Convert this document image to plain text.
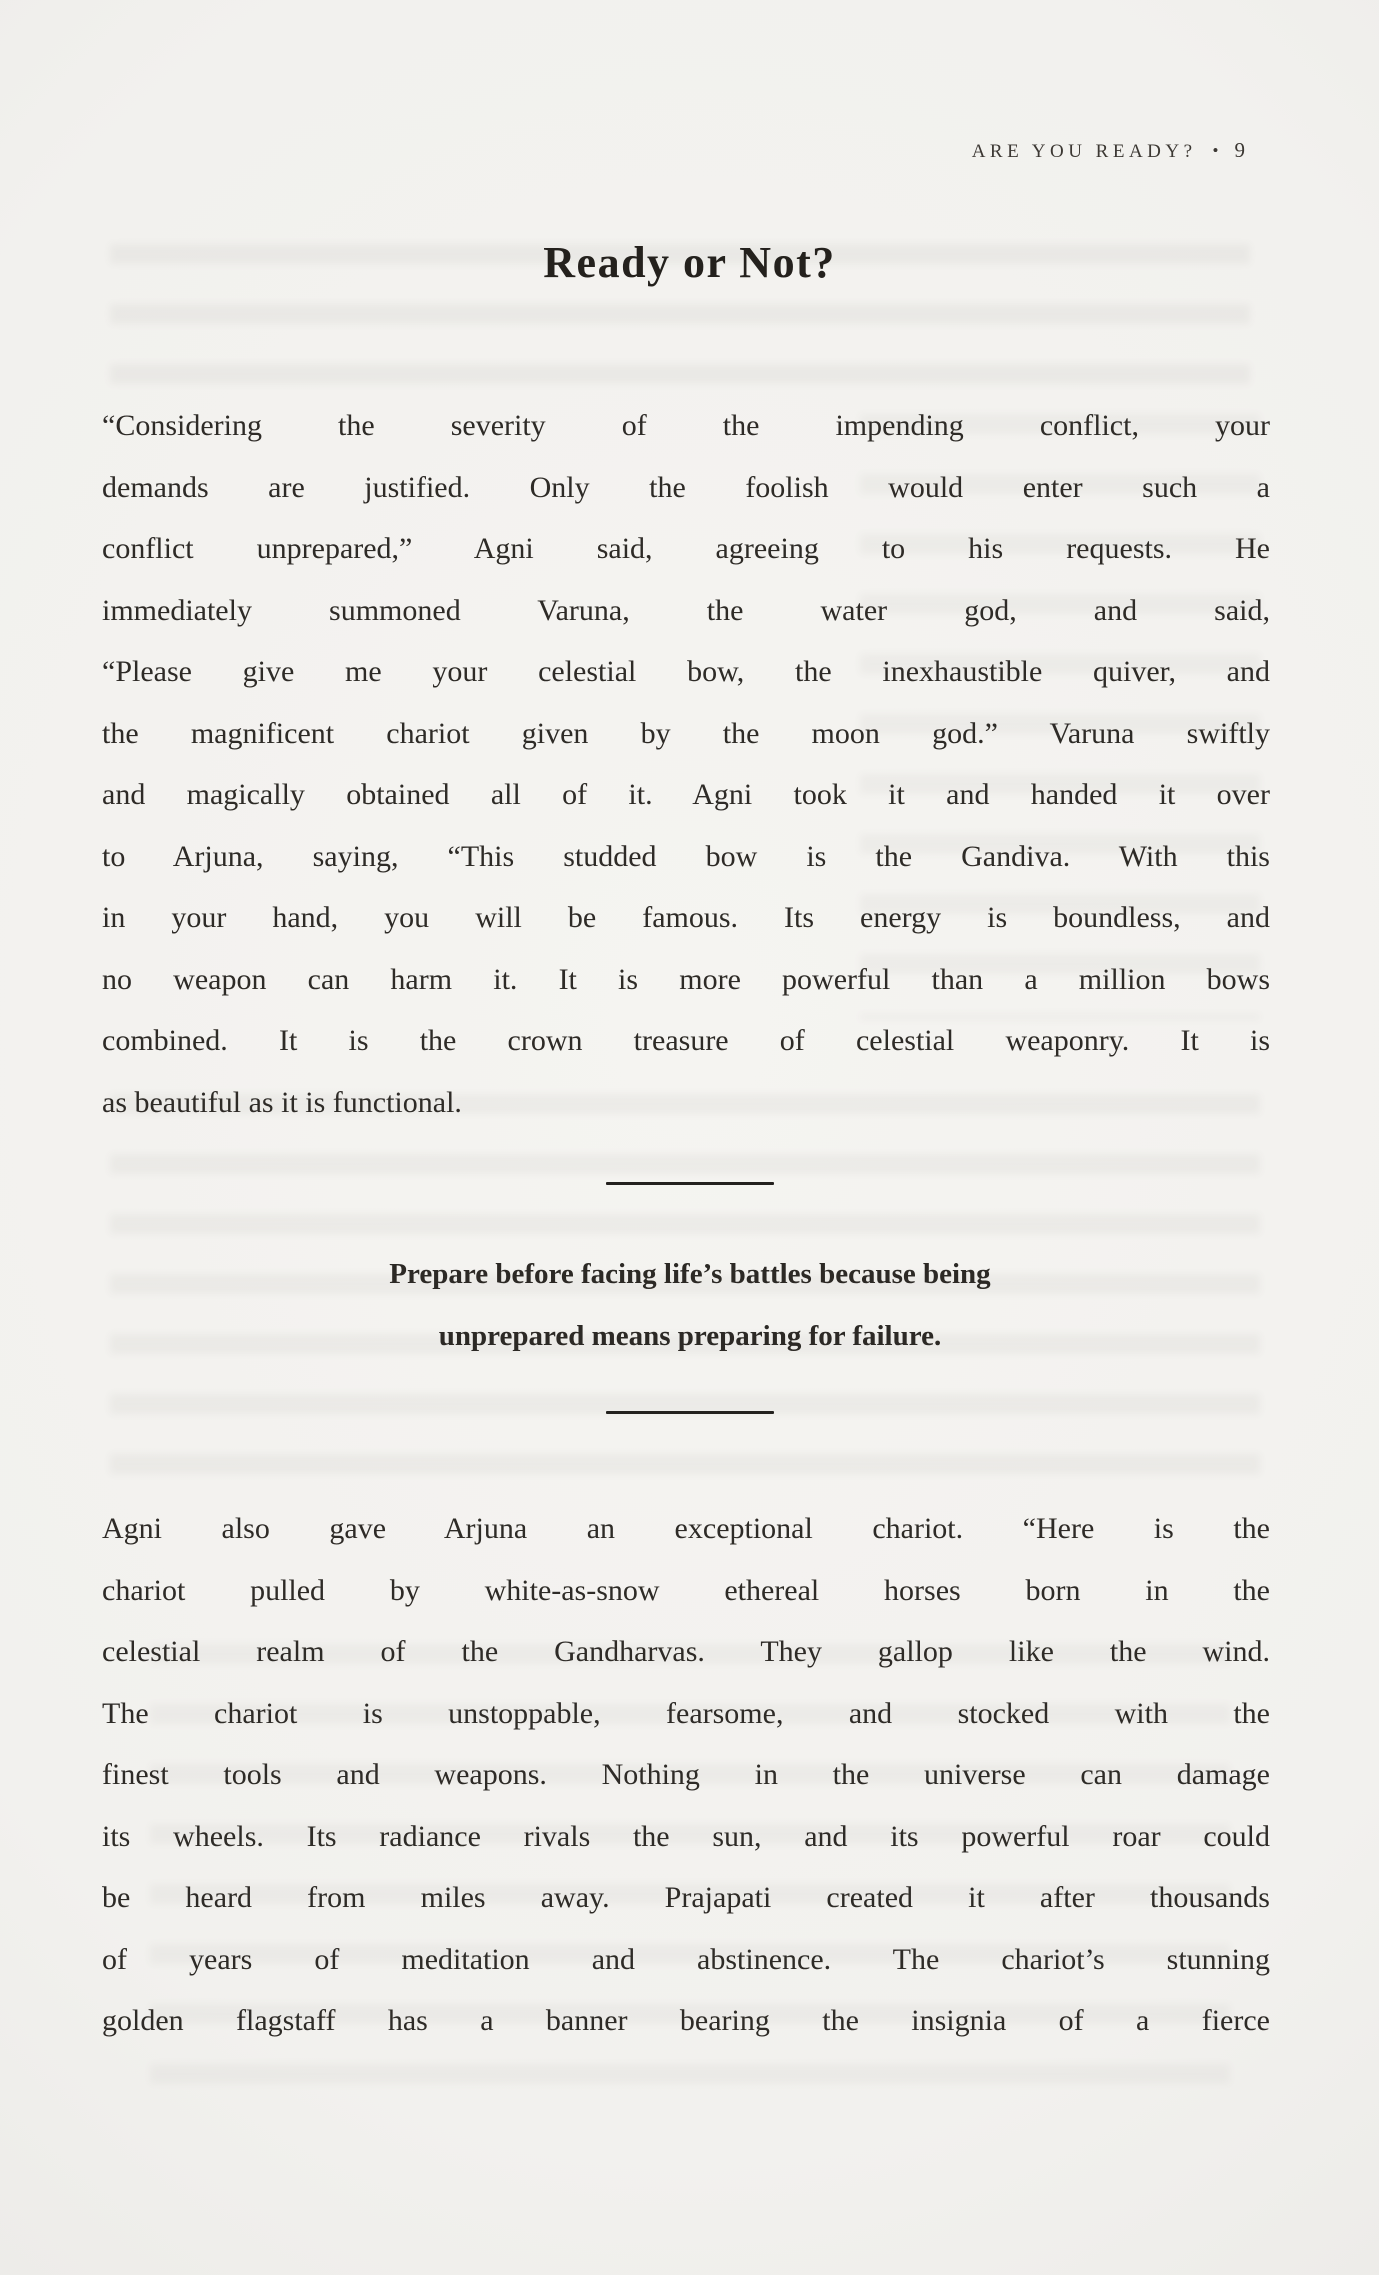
ARE YOU READY? • 9
Ready or Not?
“Considering the severity of the impending conflict, your
demands are justified. Only the foolish would enter such a
conflict unprepared,” Agni said, agreeing to his requests. He
immediately summoned Varuna, the water god, and said,
“Please give me your celestial bow, the inexhaustible quiver, and
the magnificent chariot given by the moon god.” Varuna swiftly
and magically obtained all of it. Agni took it and handed it over
to Arjuna, saying, “This studded bow is the Gandiva. With this
in your hand, you will be famous. Its energy is boundless, and
no weapon can harm it. It is more powerful than a million bows
combined. It is the crown treasure of celestial weaponry. It is
as beautiful as it is functional.
Prepare before facing life’s battles because being
unprepared means preparing for failure.
Agni also gave Arjuna an exceptional chariot. “Here is the
chariot pulled by white-as-snow ethereal horses born in the
celestial realm of the Gandharvas. They gallop like the wind.
The chariot is unstoppable, fearsome, and stocked with the
finest tools and weapons. Nothing in the universe can damage
its wheels. Its radiance rivals the sun, and its powerful roar could
be heard from miles away. Prajapati created it after thousands
of years of meditation and abstinence. The chariot’s stunning
golden flagstaff has a banner bearing the insignia of a fierce
